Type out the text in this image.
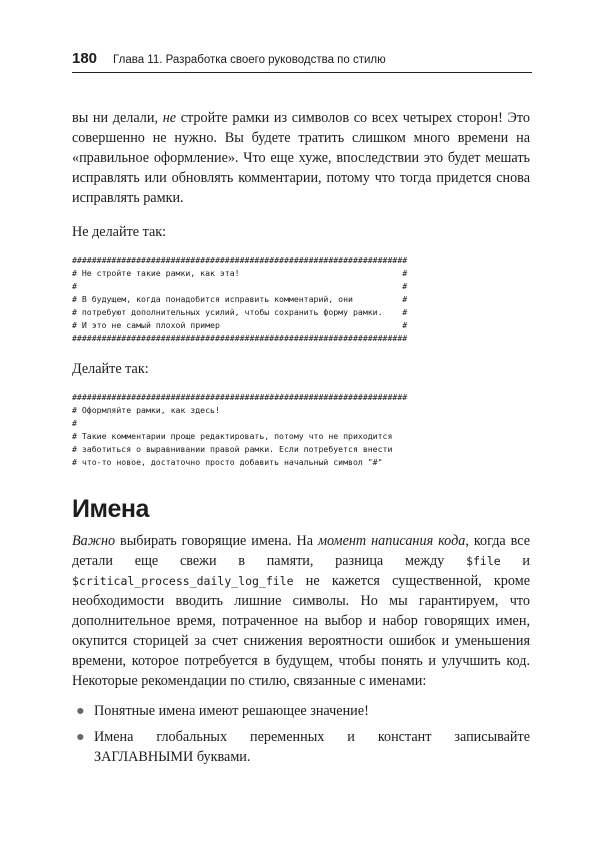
180 Глава 11. Разработка своего руководства по стилю

вы ни делали, не стройте рамки из символов со всех четырех сторон! Это совершенно не нужно. Вы будете тратить слишком много времени на «правильное оформление». Что еще хуже, впоследствии это будет мешать исправлять или обновлять комментарии, потому что тогда придется снова исправлять рамки.

Не делайте так:

####################################################################
# Не стройте такие рамки, как эта!                                 #
#                                                                  #
# В будущем, когда понадобится исправить комментарий, они          #
# потребуют дополнительных усилий, чтобы сохранить форму рамки.    #
# И это не самый плохой пример                                     #
####################################################################

Делайте так:

####################################################################
# Оформляйте рамки, как здесь!
#
# Такие комментарии проще редактировать, потому что не приходится
# заботиться о выравнивании правой рамки. Если потребуется внести
# что-то новое, достаточно просто добавить начальный символ "#"
Имена

Важно выбирать говорящие имена. На момент написания кода, когда все детали еще свежи в памяти, разница между $file и $critical_process_daily_log_file не кажется существенной, кроме необходимости вводить лишние символы. Но мы гарантируем, что дополнительное время, потраченное на выбор и набор говорящих имен, окупится сторицей за счет снижения вероятности ошибок и уменьшения времени, которое потребуется в будущем, чтобы понять и улучшить код. Некоторые рекомендации по стилю, связанные с именами:

● Понятные имена имеют решающее значение!
● Имена глобальных переменных и констант записывайте ЗАГЛАВНЫМИ буквами.
